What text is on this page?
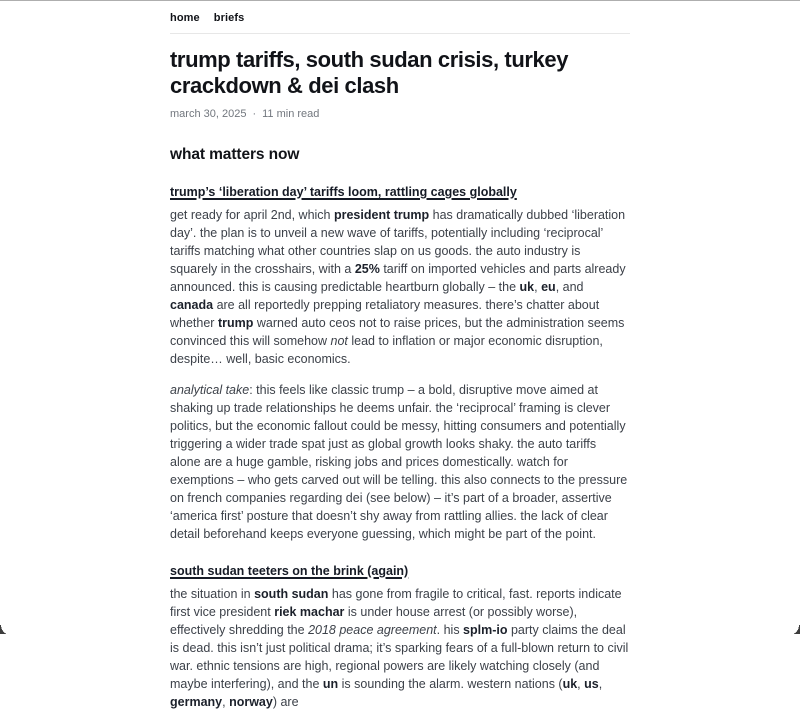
home briefs
trump tariffs, south sudan crisis, turkey crackdown & dei clash
march 30, 2025 · 11 min read
what matters now
trump’s ‘liberation day’ tariffs loom, rattling cages globally

get ready for april 2nd, which president trump has dramatically dubbed ‘liberation day’. the plan is to unveil a new wave of tariffs, potentially including ‘reciprocal’ tariffs matching what other countries slap on us goods. the auto industry is squarely in the crosshairs, with a 25% tariff on imported vehicles and parts already announced. this is causing predictable heartburn globally – the uk, eu, and canada are all reportedly prepping retaliatory measures. there’s chatter about whether trump warned auto ceos not to raise prices, but the administration seems convinced this will somehow not lead to inflation or major economic disruption, despite… well, basic economics.

analytical take: this feels like classic trump – a bold, disruptive move aimed at shaking up trade relationships he deems unfair. the ‘reciprocal’ framing is clever politics, but the economic fallout could be messy, hitting consumers and potentially triggering a wider trade spat just as global growth looks shaky. the auto tariffs alone are a huge gamble, risking jobs and prices domestically. watch for exemptions – who gets carved out will be telling. this also connects to the pressure on french companies regarding dei (see below) – it’s part of a broader, assertive ‘america first’ posture that doesn’t shy away from rattling allies. the lack of clear detail beforehand keeps everyone guessing, which might be part of the point.

south sudan teeters on the brink (again)

the situation in south sudan has gone from fragile to critical, fast. reports indicate first vice president riek machar is under house arrest (or possibly worse), effectively shredding the 2018 peace agreement. his splm-io party claims the deal is dead. this isn’t just political drama; it’s sparking fears of a full-blown return to civil war. ethnic tensions are high, regional powers are likely watching closely (and maybe interfering), and the un is sounding the alarm. western nations (uk, us, germany, norway) are
